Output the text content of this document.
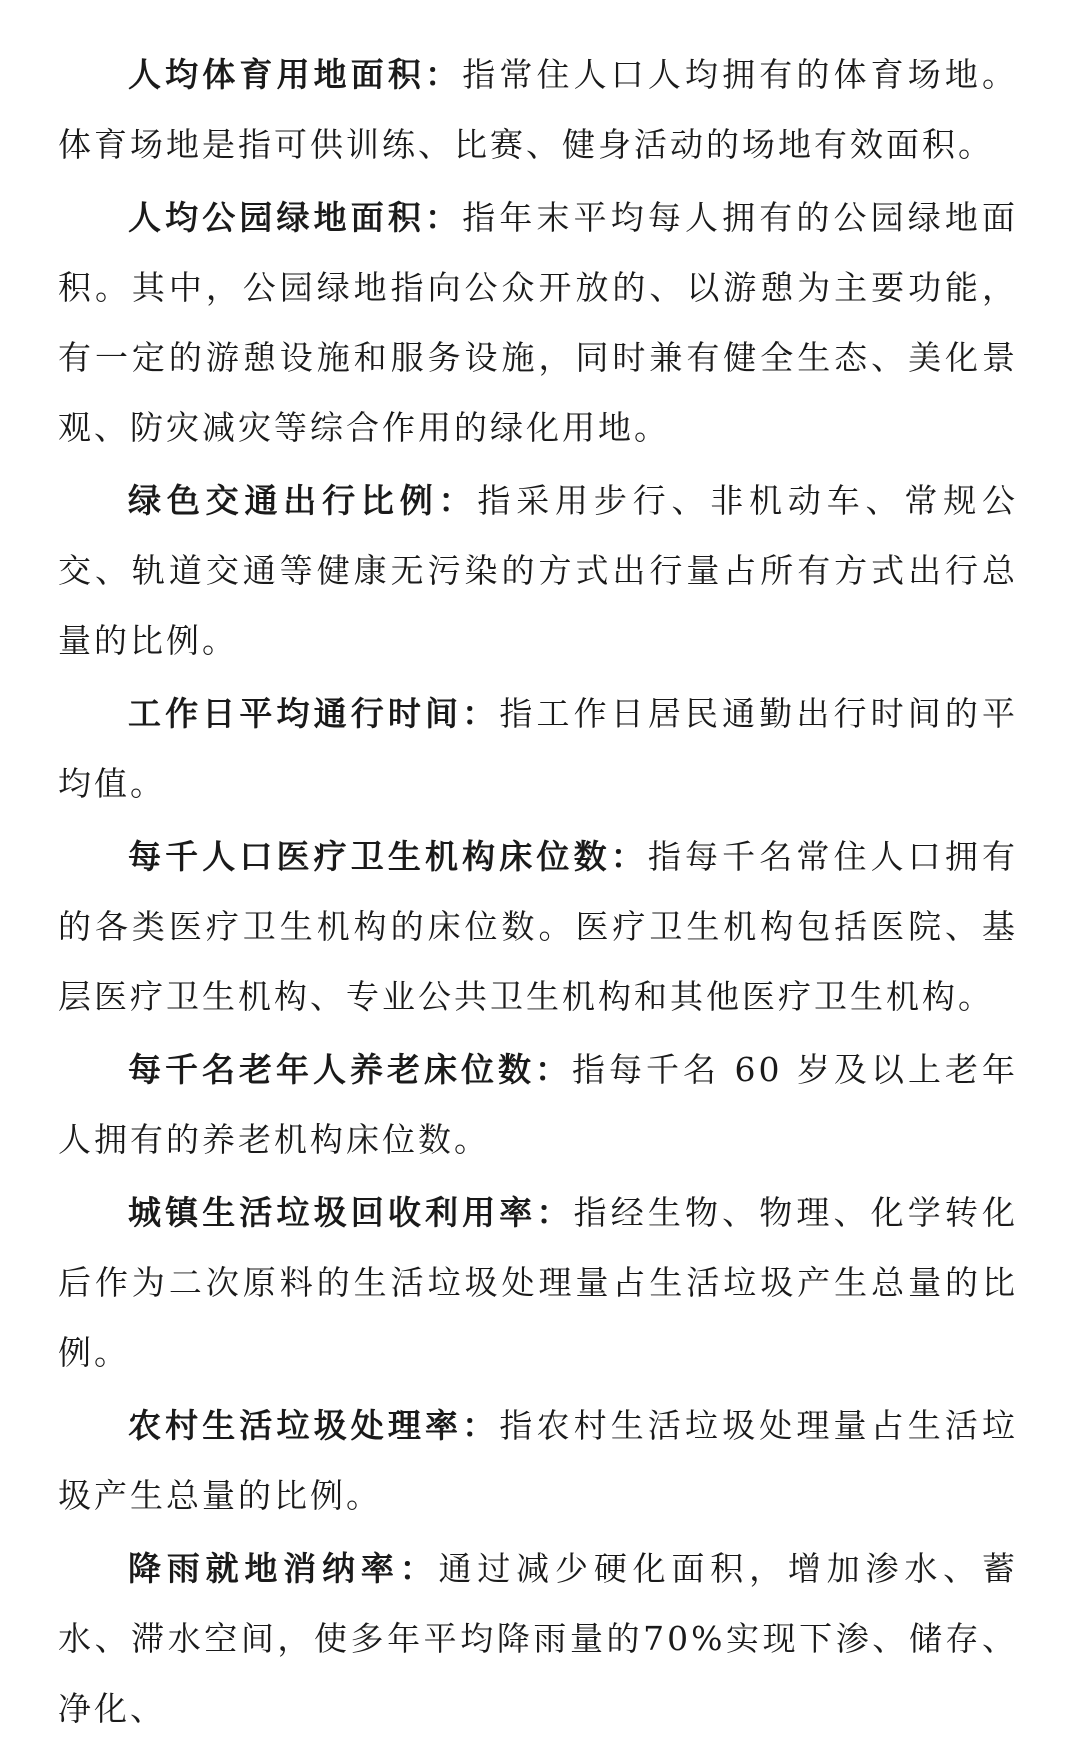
人均体育用地面积：指常住人口人均拥有的体育场地。体育场地是指可供训练、比赛、健身活动的场地有效面积。

人均公园绿地面积：指年末平均每人拥有的公园绿地面积。其中，公园绿地指向公众开放的、以游憩为主要功能，有一定的游憩设施和服务设施，同时兼有健全生态、美化景观、防灾减灾等综合作用的绿化用地。

绿色交通出行比例：指采用步行、非机动车、常规公交、轨道交通等健康无污染的方式出行量占所有方式出行总量的比例。

工作日平均通行时间：指工作日居民通勤出行时间的平均值。

每千人口医疗卫生机构床位数：指每千名常住人口拥有的各类医疗卫生机构的床位数。医疗卫生机构包括医院、基层医疗卫生机构、专业公共卫生机构和其他医疗卫生机构。

每千名老年人养老床位数：指每千名 60 岁及以上老年人拥有的养老机构床位数。

城镇生活垃圾回收利用率：指经生物、物理、化学转化后作为二次原料的生活垃圾处理量占生活垃圾产生总量的比例。

农村生活垃圾处理率：指农村生活垃圾处理量占生活垃圾产生总量的比例。

降雨就地消纳率：通过减少硬化面积，增加渗水、蓄水、滞水空间，使多年平均降雨量的70%实现下渗、储存、净化、
